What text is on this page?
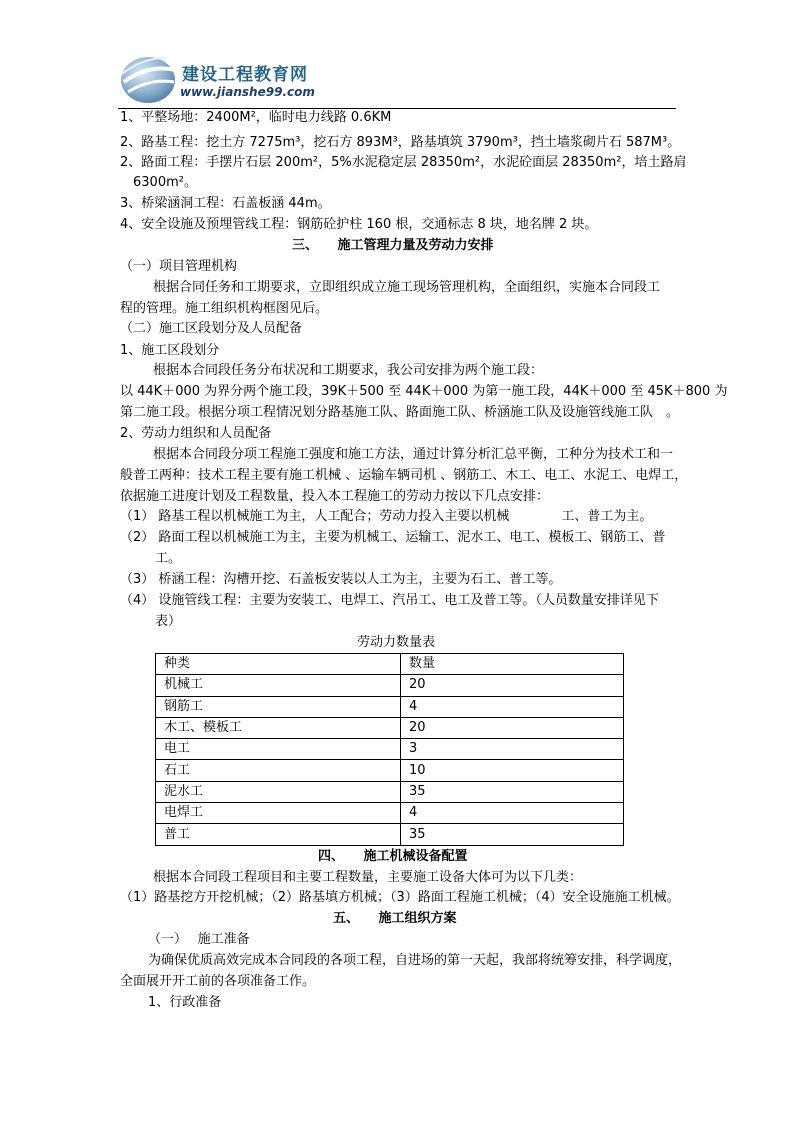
建设工程教育网
www.jianshe99.com
1、平整场地：2400M²，临时电力线路 0.6KM
2、路基工程：挖土方 7275m³，挖石方 893M³，路基填筑 3790m³，挡土墙浆砌片石 587M³。
2、路面工程：手摆片石层 200m²，5%水泥稳定层 28350m²，水泥砼面层 28350m²，培土路肩
6300m²。
3、桥梁涵洞工程：石盖板涵 44m。
4、安全设施及预埋管线工程：钢筋砼护柱 160 根，交通标志 8 块，地名牌 2 块。
三、　　施工管理力量及劳动力安排
（一）项目管理机构
根据合同任务和工期要求，立即组织成立施工现场管理机构，全面组织，实施本合同段工
程的管理。施工组织机构框图见后。
（二）施工区段划分及人员配备
1、施工区段划分
根据本合同段任务分布状况和工期要求，我公司安排为两个施工段：
以 44K＋000 为界分两个施工段，39K＋500 至 44K＋000 为第一施工段，44K＋000 至 45K＋800 为
第二施工段。根据分项工程情况划分路基施工队、路面施工队、桥涵施工队及设施管线施工队　。
2、劳动力组织和人员配备
根据本合同段分项工程施工强度和施工方法，通过计算分析汇总平衡，工种分为技术工和一
般普工两种：技术工程主要有施工机械 、运输车辆司机 、钢筋工、木工、电工、水泥工、电焊工，
依据施工进度计划及工程数量，投入本工程施工的劳动力按以下几点安排：
（1） 路基工程以机械施工为主，人工配合；劳动力投入主要以机械　　　　工、普工为主。
（2） 路面工程以机械施工为主，主要为机械工、运输工、泥水工、电工、模板工、钢筋工、普
工。
（3） 桥涵工程：沟槽开挖、石盖板安装以人工为主，主要为石工、普工等。
（4） 设施管线工程：主要为安装工、电焊工、汽吊工、电工及普工等。（人员数量安排详见下
表）
劳动力数量表
种类	数量
机械工	20
钢筋工	4
木工、模板工	20
电工	3
石工	10
泥水工	35
电焊工	4
普工	35
四、　　施工机械设备配置
根据本合同段工程项目和主要工程数量，主要施工设备大体可为以下几类：
（1）路基挖方开挖机械；（2）路基填方机械；（3）路面工程施工机械；（4）安全设施施工机械。
五、　　施工组织方案
（一）　 施工准备
为确保优质高效完成本合同段的各项工程，自进场的第一天起，我部将统筹安排，科学调度，
全面展开开工前的各项准备工作。
1、行政准备
